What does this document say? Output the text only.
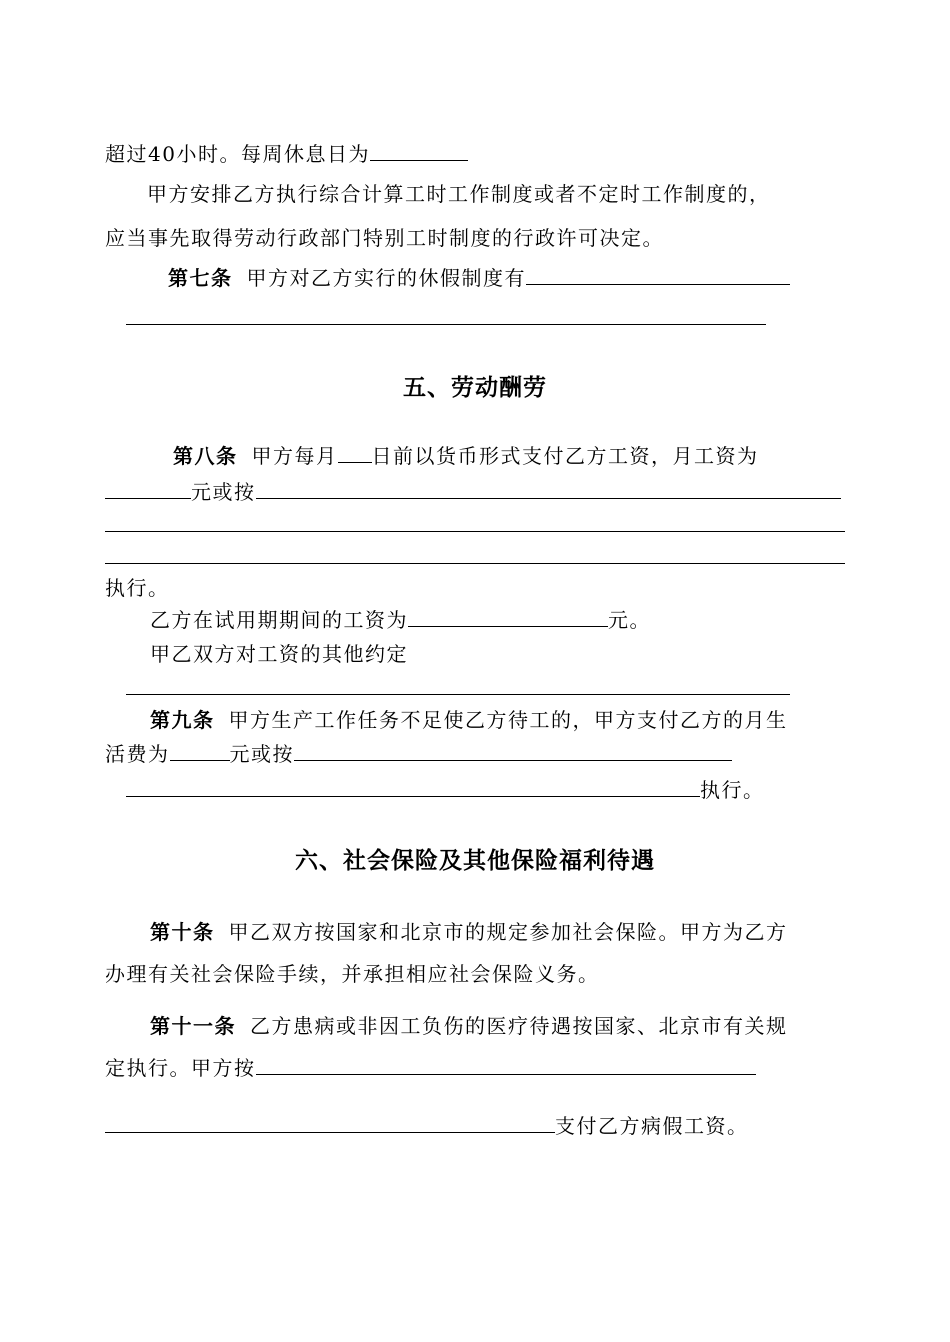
超过40小时。每周休息日为
甲方安排乙方执行综合计算工时工作制度或者不定时工作制度的，
应当事先取得劳动行政部门特别工时制度的行政许可决定。
第七条 甲方对乙方实行的休假制度有
五、劳动酬劳
第八条 甲方每月 日前以货币形式支付乙方工资，月工资为
元或按
执行。
乙方在试用期期间的工资为	元。
甲乙双方对工资的其他约定
第九条 甲方生产工作任务不足使乙方待工的，甲方支付乙方的月生
活费为	元或按
执行。
六、社会保险及其他保险福利待遇
第十条 甲乙双方按国家和北京市的规定参加社会保险。甲方为乙方
办理有关社会保险手续，并承担相应社会保险义务。
第十一条 乙方患病或非因工负伤的医疗待遇按国家、北京市有关规
定执行。甲方按
支付乙方病假工资。
